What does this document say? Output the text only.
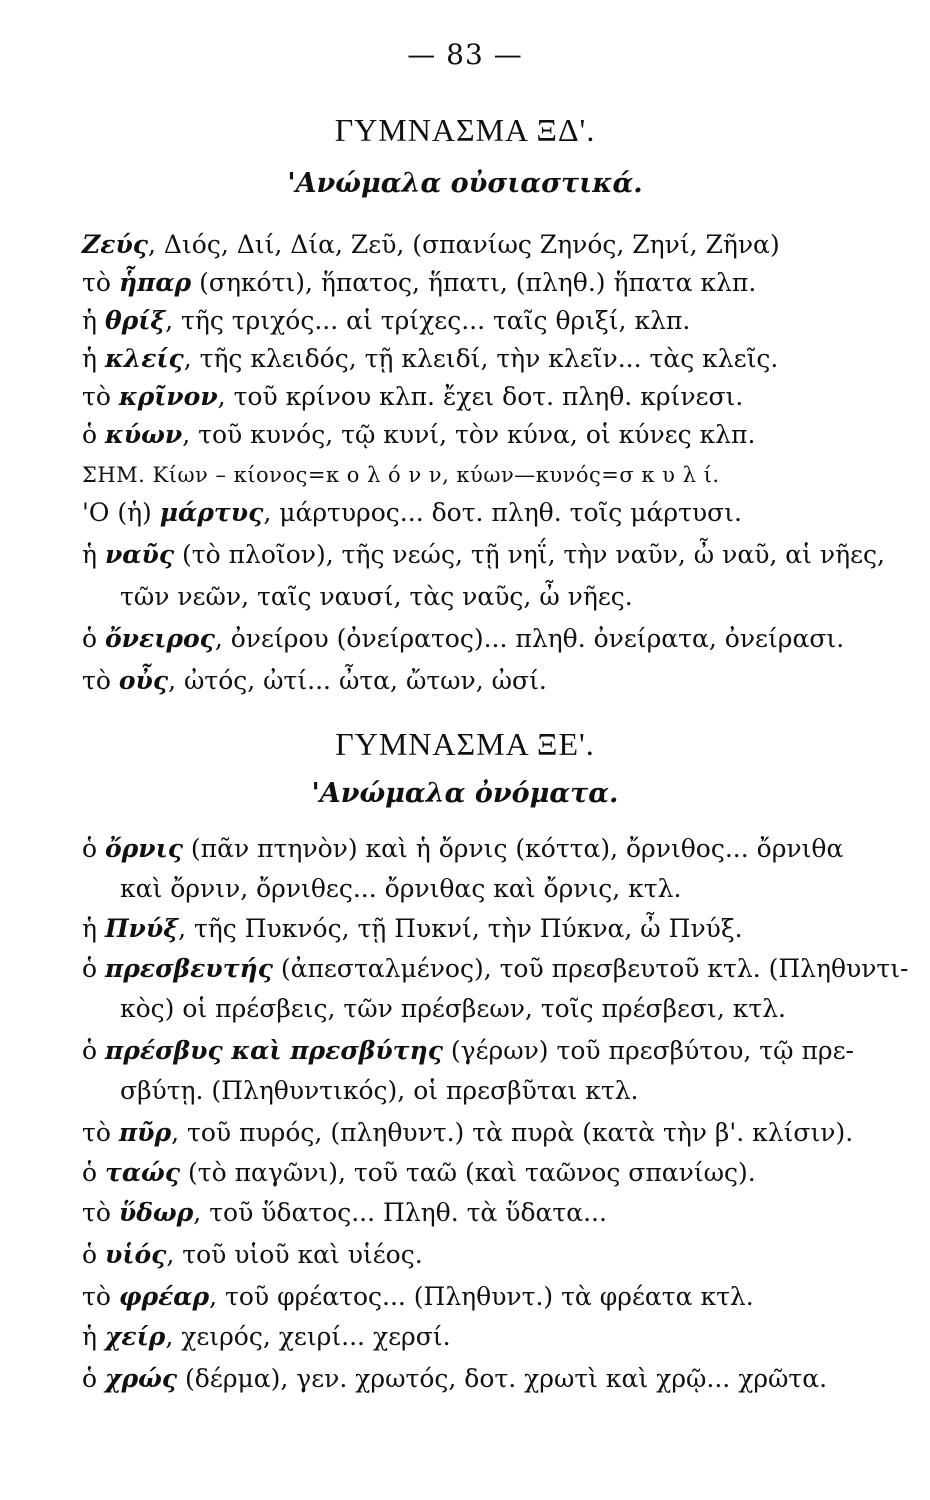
— 83 —
ΓΥΜΝΑΣΜΑ ΞΔ'.
'Ανώμαλα οὐσιαστικά.
Ζεύς, Διός, Διί, Δία, Ζεῦ, (σπανίως Ζηνός, Ζηνί, Ζῆνα)
τὸ ἧπαρ (σηκότι), ἥπατος, ἥπατι, (πληθ.) ἥπατα κλπ.
ἡ θρίξ, τῆς τριχός... αἱ τρίχες... ταῖς θριξί, κλπ.
ἡ κλείς, τῆς κλειδός, τῇ κλειδί, τὴν κλεῖν... τὰς κλεῖς.
τὸ κρῖνον, τοῦ κρίνου κλπ. ἔχει δοτ. πληθ. κρίνεσι.
ὁ κύων, τοῦ κυνός, τῷ κυνί, τὸν κύνα, οἱ κύνες κλπ.
ΣΗΜ. Κίων – κίονος=κ ο λ ό ν ν, κύων—κυνός=σ κ υ λ ί.
'Ο (ἡ) μάρτυς, μάρτυρος... δοτ. πληθ. τοῖς μάρτυσι.
ἡ ναῦς (τὸ πλοῖον), τῆς νεώς, τῇ νηΐ, τὴν ναῦν, ὦ ναῦ, αἱ νῆες,
τῶν νεῶν, ταῖς ναυσί, τὰς ναῦς, ὦ νῆες.
ὁ ὄνειρος, ὀνείρου (ὀνείρατος)... πληθ. ὀνείρατα, ὀνείρασι.
τὸ οὖς, ὠτός, ὠτί... ὦτα, ὤτων, ὠσί.
ΓΥΜΝΑΣΜΑ ΞΕ'.
'Ανώμαλα ὀνόματα.
ὁ ὄρνις (πᾶν πτηνὸν) καὶ ἡ ὄρνις (κόττα), ὄρνιθος... ὄρνιθα
καὶ ὄρνιν, ὄρνιθες... ὄρνιθας καὶ ὄρνις, κτλ.
ἡ Πνύξ, τῆς Πυκνός, τῇ Πυκνί, τὴν Πύκνα, ὦ Πνύξ.
ὁ πρεσβευτής (ἀπεσταλμένος), τοῦ πρεσβευτοῦ κτλ. (Πληθυντι-
κὸς) οἱ πρέσβεις, τῶν πρέσβεων, τοῖς πρέσβεσι, κτλ.
ὁ πρέσβυς καὶ πρεσβύτης (γέρων) τοῦ πρεσβύτου, τῷ πρε-
σβύτῃ. (Πληθυντικός), οἱ πρεσβῦται κτλ.
τὸ πῦρ, τοῦ πυρός, (πληθυντ.) τὰ πυρὰ (κατὰ τὴν β'. κλίσιν).
ὁ ταώς (τὸ παγῶνι), τοῦ ταῶ (καὶ ταῶνος σπανίως).
τὸ ὕδωρ, τοῦ ὕδατος... Πληθ. τὰ ὕδατα...
ὁ υἱός, τοῦ υἱοῦ καὶ υἱέος.
τὸ φρέαρ, τοῦ φρέατος... (Πληθυντ.) τὰ φρέατα κτλ.
ἡ χείρ, χειρός, χειρί... χερσί.
ὁ χρώς (δέρμα), γεν. χρωτός, δοτ. χρωτὶ καὶ χρῷ... χρῶτα.
